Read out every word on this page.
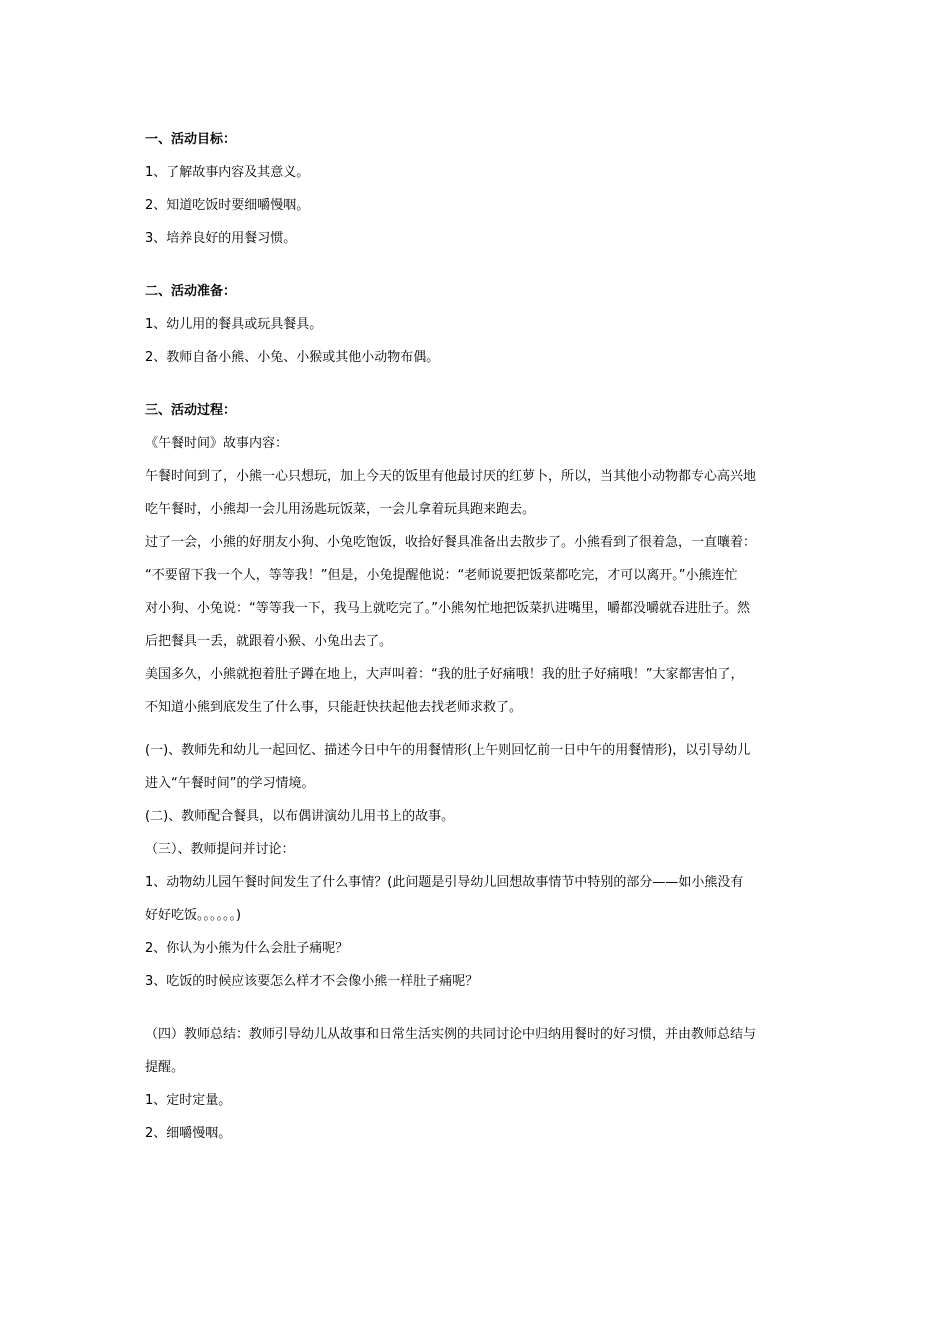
一、活动目标：
1、了解故事内容及其意义。
2、知道吃饭时要细嚼慢咽。
3、培养良好的用餐习惯。
二、活动准备：
1、幼儿用的餐具或玩具餐具。
2、教师自备小熊、小兔、小猴或其他小动物布偶。
三、活动过程：
《午餐时间》故事内容：
午餐时间到了，小熊一心只想玩，加上今天的饭里有他最讨厌的红萝卜，所以，当其他小动物都专心高兴地
吃午餐时，小熊却一会儿用汤匙玩饭菜，一会儿拿着玩具跑来跑去。
过了一会，小熊的好朋友小狗、小兔吃饱饭，收拾好餐具准备出去散步了。小熊看到了很着急，一直嚷着：
“不要留下我一个人，等等我！”但是，小兔提醒他说：“老师说要把饭菜都吃完，才可以离开。”小熊连忙
对小狗、小兔说：“等等我一下，我马上就吃完了。”小熊匆忙地把饭菜扒进嘴里，嚼都没嚼就吞进肚子。然
后把餐具一丢，就跟着小猴、小兔出去了。
美国多久，小熊就抱着肚子蹲在地上，大声叫着：“我的肚子好痛哦！我的肚子好痛哦！”大家都害怕了，
不知道小熊到底发生了什么事，只能赶快扶起他去找老师求救了。
(一)、教师先和幼儿一起回忆、描述今日中午的用餐情形(上午则回忆前一日中午的用餐情形)，以引导幼儿
进入“午餐时间”的学习情境。
(二)、教师配合餐具，以布偶讲演幼儿用书上的故事。
（三）、教师提问并讨论：
1、动物幼儿园午餐时间发生了什么事情？(此问题是引导幼儿回想故事情节中特别的部分——如小熊没有
好好吃饭。。。。。。)
2、你认为小熊为什么会肚子痛呢？
3、吃饭的时候应该要怎么样才不会像小熊一样肚子痛呢？
（四）教师总结：教师引导幼儿从故事和日常生活实例的共同讨论中归纳用餐时的好习惯，并由教师总结与
提醒。
1、定时定量。
2、细嚼慢咽。
